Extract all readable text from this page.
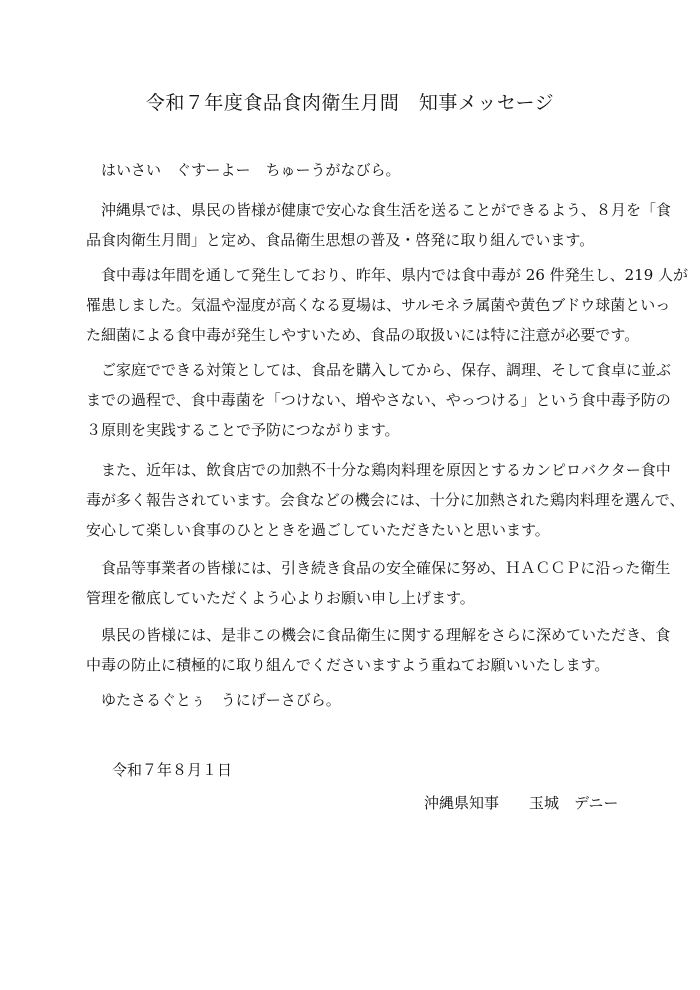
令和７年度食品食肉衛生月間　知事メッセージ
　はいさい　ぐすーよー　ちゅーうがなびら。
　沖縄県では、県民の皆様が健康で安心な食生活を送ることができるよう、８月を「食
品食肉衛生月間」と定め、食品衛生思想の普及・啓発に取り組んでいます。
　食中毒は年間を通して発生しており、昨年、県内では食中毒が 26 件発生し、219 人が
罹患しました。気温や湿度が高くなる夏場は、サルモネラ属菌や黄色ブドウ球菌といっ
た細菌による食中毒が発生しやすいため、食品の取扱いには特に注意が必要です。
　ご家庭でできる対策としては、食品を購入してから、保存、調理、そして食卓に並ぶ
までの過程で、食中毒菌を「つけない、増やさない、やっつける」という食中毒予防の
３原則を実践することで予防につながります。
　また、近年は、飲食店での加熱不十分な鶏肉料理を原因とするカンピロバクター食中
毒が多く報告されています。会食などの機会には、十分に加熱された鶏肉料理を選んで、
安心して楽しい食事のひとときを過ごしていただきたいと思います。
　食品等事業者の皆様には、引き続き食品の安全確保に努め、ＨＡＣＣＰに沿った衛生
管理を徹底していただくよう心よりお願い申し上げます。
　県民の皆様には、是非この機会に食品衛生に関する理解をさらに深めていただき、食
中毒の防止に積極的に取り組んでくださいますよう重ねてお願いいたします。
　ゆたさるぐとぅ　うにげーさびら。
令和７年８月１日
沖縄県知事　　玉城　デニー
